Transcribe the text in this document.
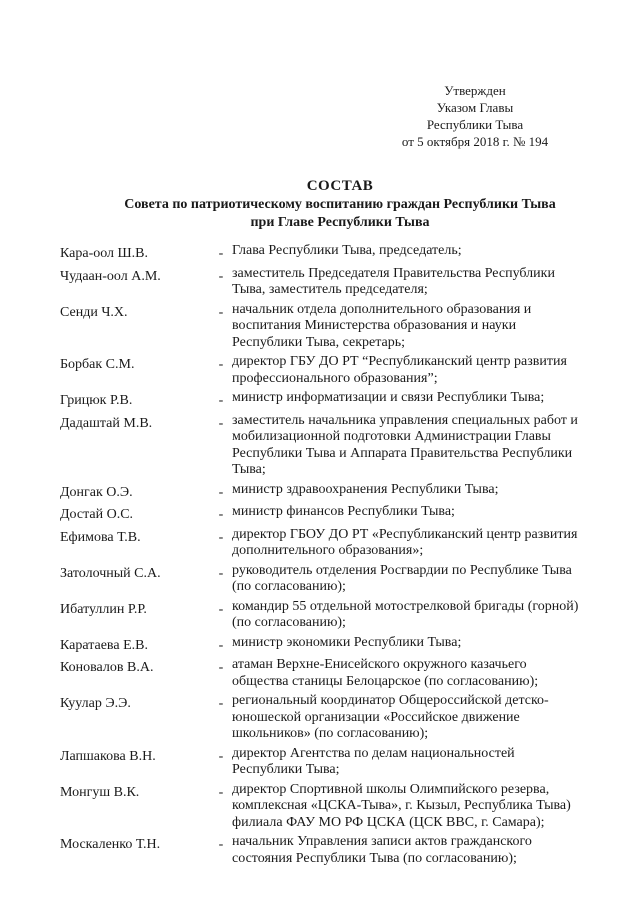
Утвержден
Указом Главы
Республики Тыва
от 5 октября 2018 г. № 194
СОСТАВ
Совета по патриотическому воспитанию граждан Республики Тыва
при Главе Республики Тыва
Кара-оол Ш.В.	- Глава Республики Тыва, председатель;
Чудаан-оол А.М.	- заместитель Председателя Правительства Республики
Тыва, заместитель председателя;
Сенди Ч.Х.	- начальник отдела дополнительного образования и
воспитания Министерства образования и науки
Республики Тыва, секретарь;
Борбак С.М.	- директор ГБУ ДО РТ “Республиканский центр развития
профессионального образования”;
Грицюк Р.В.	- министр информатизации и связи Республики Тыва;
Дадаштай М.В.	- заместитель начальника управления специальных работ и
мобилизационной подготовки Администрации Главы
Республики Тыва и Аппарата Правительства Республики
Тыва;
Донгак О.Э.	- министр здравоохранения Республики Тыва;
Достай О.С.	- министр финансов Республики Тыва;
Ефимова Т.В.	- директор ГБОУ ДО РТ «Республиканский центр развития
дополнительного образования»;
Затолочный С.А.	- руководитель отделения Росгвардии по Республике Тыва
(по согласованию);
Ибатуллин Р.Р.	- командир 55 отдельной мотострелковой бригады (горной)
(по согласованию);
Каратаева Е.В.	- министр экономики Республики Тыва;
Коновалов В.А.	- атаман Верхне-Енисейского окружного казачьего
общества станицы Белоцарское (по согласованию);
Куулар Э.Э.	- региональный координатор Общероссийской детско-
юношеской организации «Российское движение
школьников» (по согласованию);
Лапшакова В.Н.	- директор Агентства по делам национальностей
Республики Тыва;
Монгуш В.К.	- директор Спортивной школы Олимпийского резерва,
комплексная «ЦСКА-Тыва», г. Кызыл, Республика Тыва)
филиала ФАУ МО РФ ЦСКА (ЦСК ВВС, г. Самара);
Москаленко Т.Н.	- начальник Управления записи актов гражданского
состояния Республики Тыва (по согласованию);
